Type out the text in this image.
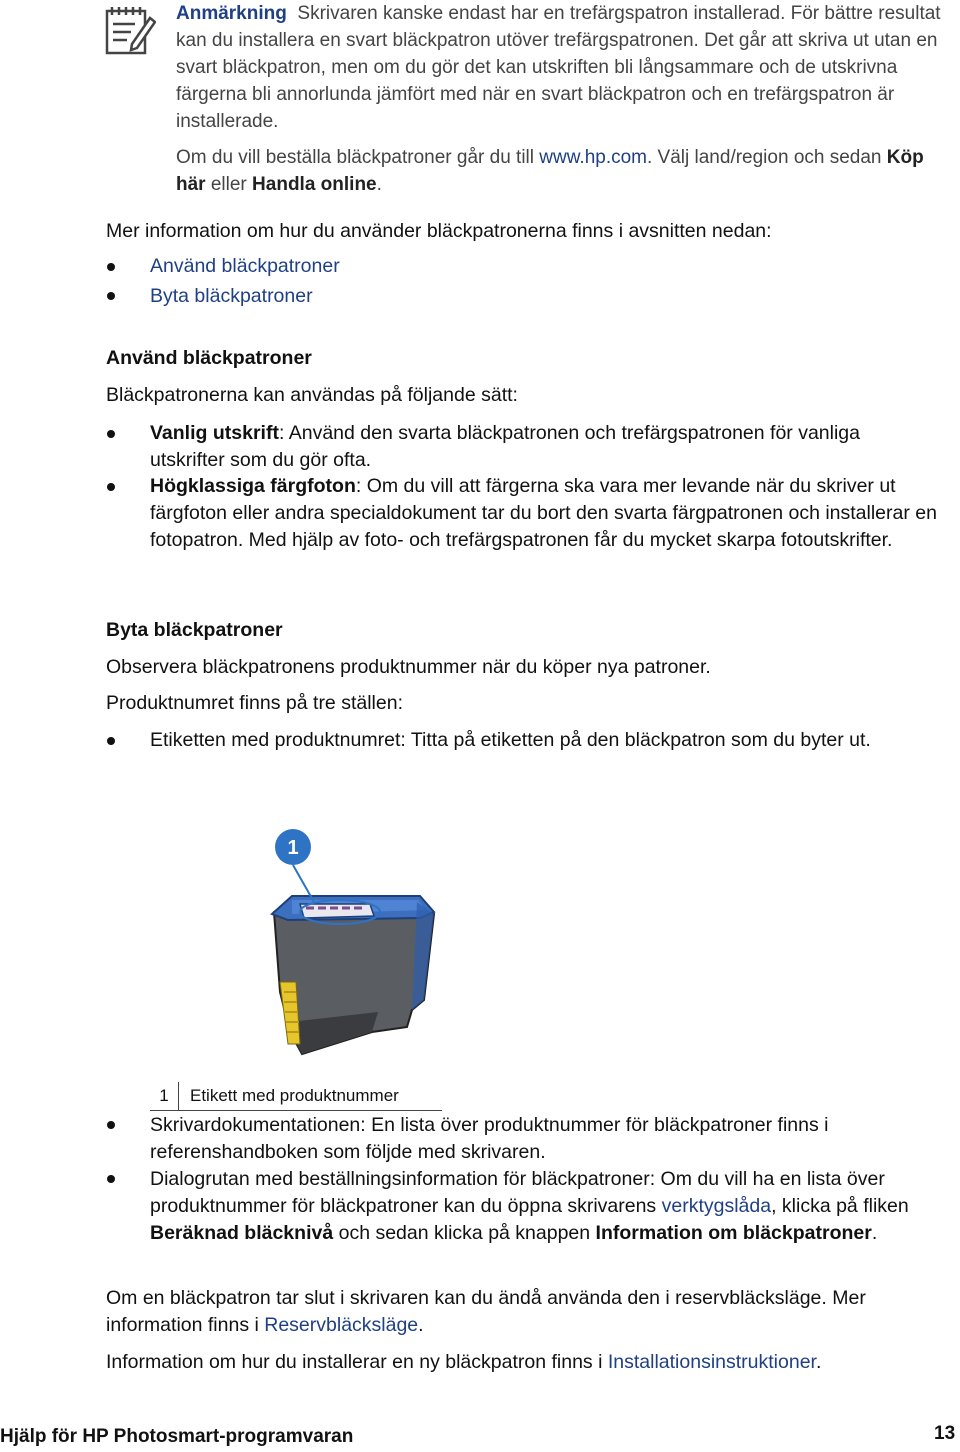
Anmärkning Skrivaren kanske endast har en trefärgspatron installerad. För bättre resultat kan du installera en svart bläckpatron utöver trefärgspatronen. Det går att skriva ut utan en svart bläckpatron, men om du gör det kan utskriften bli långsammare och de utskrivna färgerna bli annorlunda jämfört med när en svart bläckpatron och en trefärgspatron är installerade.

Om du vill beställa bläckpatroner går du till www.hp.com. Välj land/region och sedan Köp här eller Handla online.

Mer information om hur du använder bläckpatronerna finns i avsnitten nedan:
Använd bläckpatroner
Byta bläckpatroner
Använd bläckpatroner
Bläckpatronerna kan användas på följande sätt:
Vanlig utskrift: Använd den svarta bläckpatronen och trefärgspatronen för vanliga utskrifter som du gör ofta.
Högklassiga färgfoton: Om du vill att färgerna ska vara mer levande när du skriver ut färgfoton eller andra specialdokument tar du bort den svarta färgpatronen och installerar en fotopatron. Med hjälp av foto- och trefärgspatronen får du mycket skarpa fotoutskrifter.
Byta bläckpatroner
Observera bläckpatronens produktnummer när du köper nya patroner.
Produktnumret finns på tre ställen:
Etiketten med produktnumret: Titta på etiketten på den bläckpatron som du byter ut.
1
1	Etikett med produktnummer
Skrivardokumentationen: En lista över produktnummer för bläckpatroner finns i referenshandboken som följde med skrivaren.
Dialogrutan med beställningsinformation för bläckpatroner: Om du vill ha en lista över produktnummer för bläckpatroner kan du öppna skrivarens verktygslåda, klicka på fliken Beräknad bläcknivå och sedan klicka på knappen Information om bläckpatroner.
Om en bläckpatron tar slut i skrivaren kan du ändå använda den i reservbläcksläge. Mer information finns i Reservbläcksläge.
Information om hur du installerar en ny bläckpatron finns i Installationsinstruktioner.
Hjälp för HP Photosmart-programvaran	13
